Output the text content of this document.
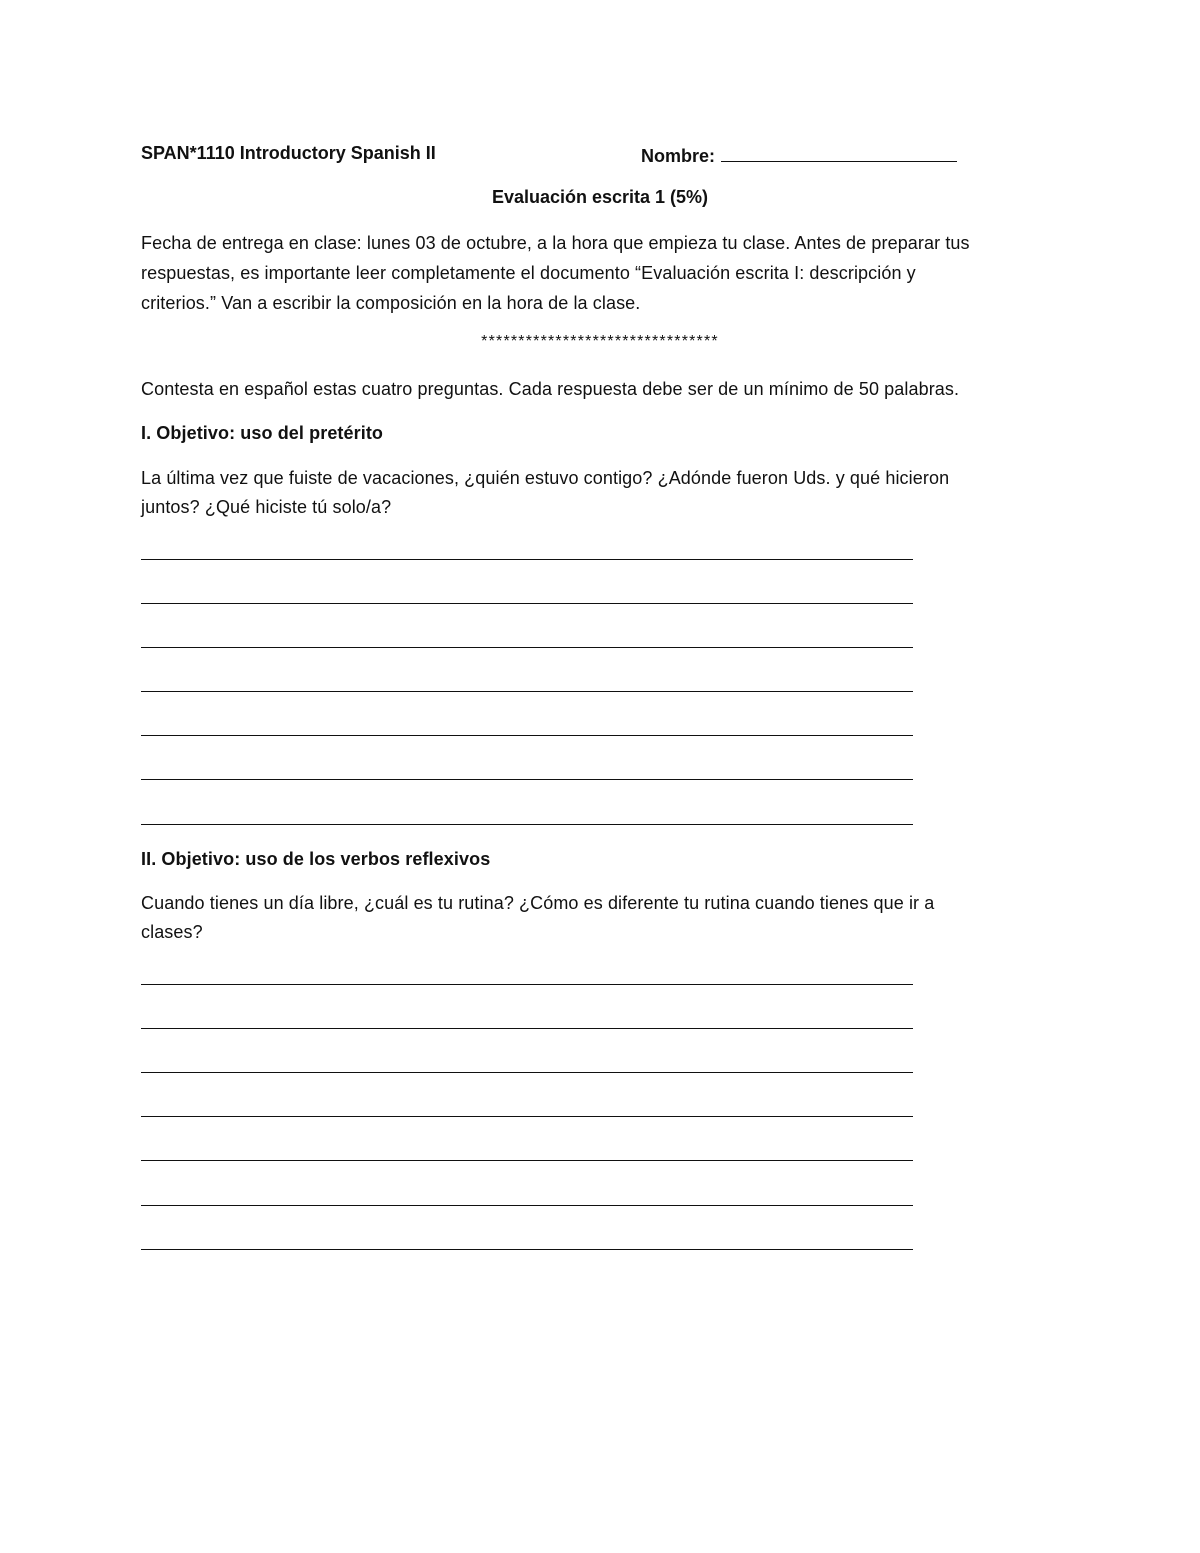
SPAN*1110 Introductory Spanish II	Nombre:
Evaluación escrita 1 (5%)
Fecha de entrega en clase: lunes 03 de octubre, a la hora que empieza tu clase. Antes de preparar tus
respuestas, es importante leer completamente el documento “Evaluación escrita I: descripción y
criterios.” Van a escribir la composición en la hora de la clase.
********************************
Contesta en español estas cuatro preguntas. Cada respuesta debe ser de un mínimo de 50 palabras.
I. Objetivo: uso del pretérito
La última vez que fuiste de vacaciones, ¿quién estuvo contigo? ¿Adónde fueron Uds. y qué hicieron
juntos? ¿Qué hiciste tú solo/a?
II. Objetivo: uso de los verbos reflexivos
Cuando tienes un día libre, ¿cuál es tu rutina? ¿Cómo es diferente tu rutina cuando tienes que ir a
clases?
